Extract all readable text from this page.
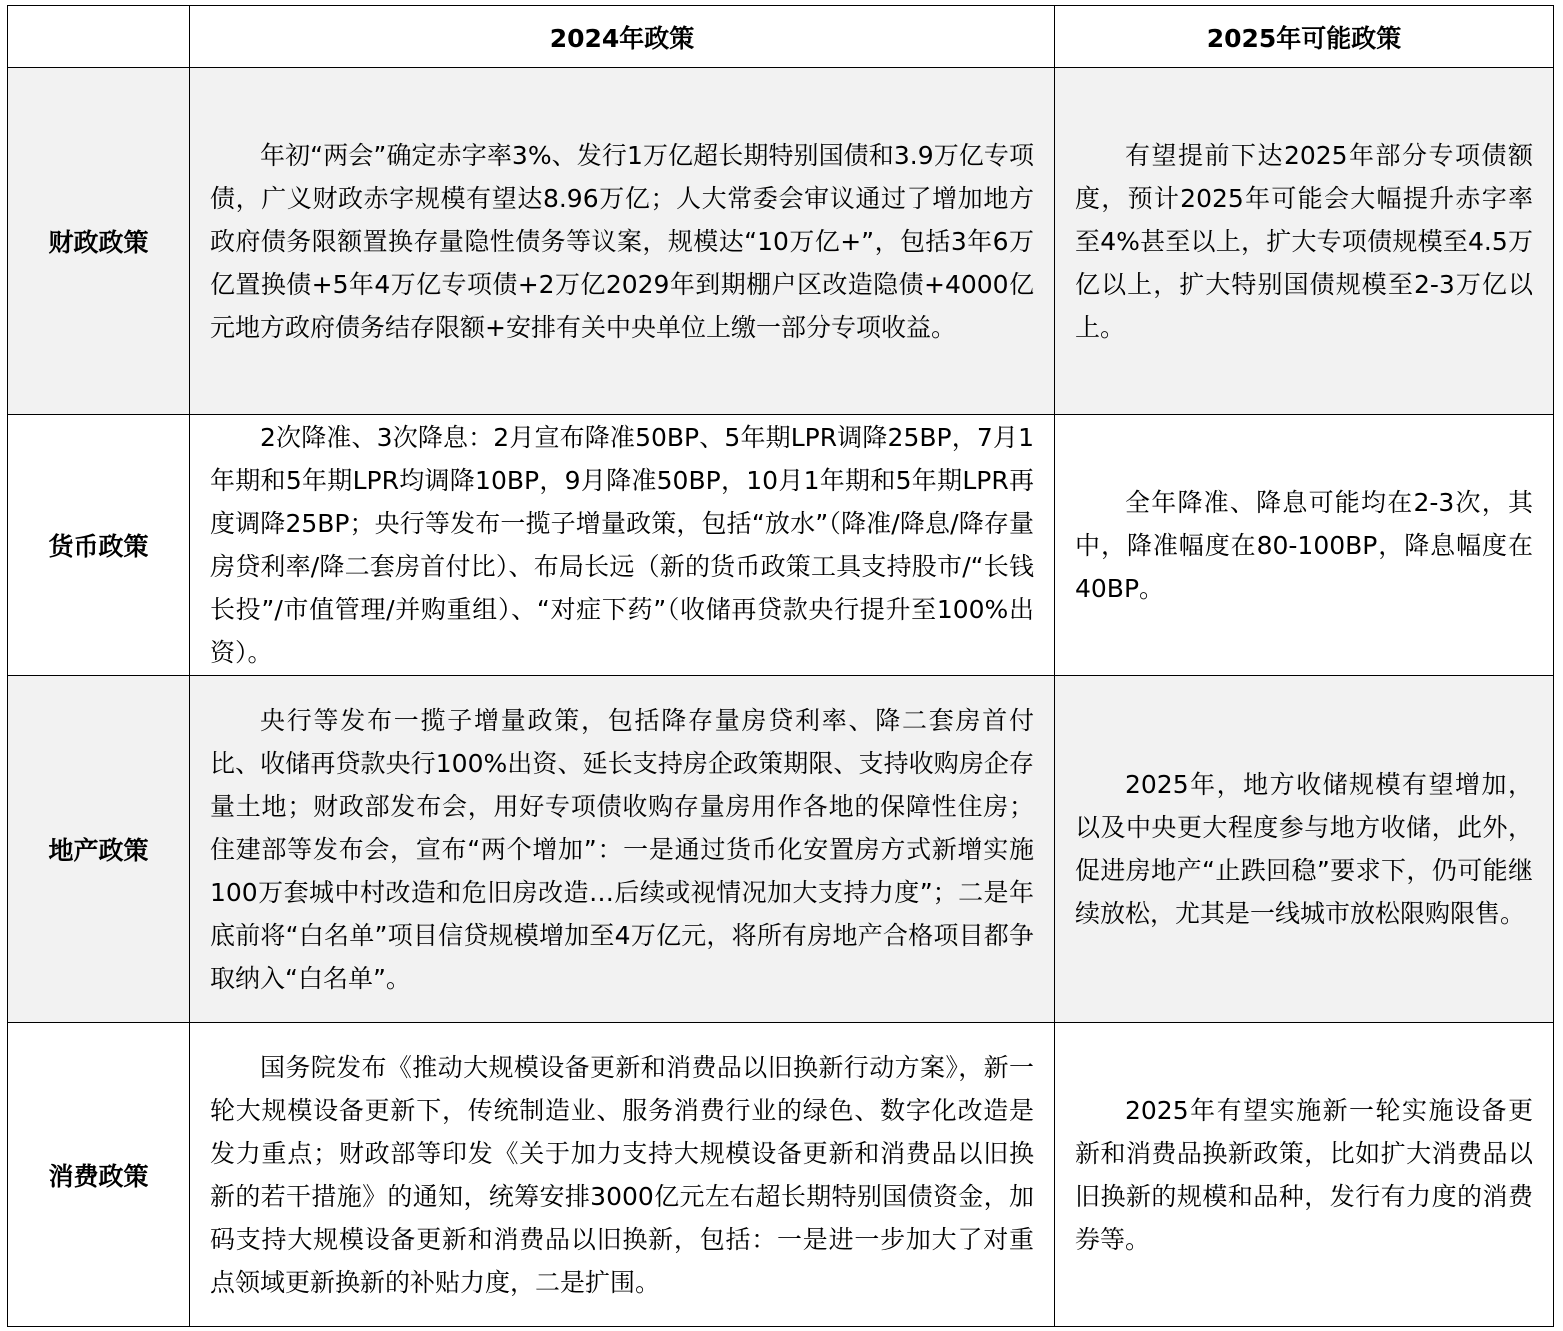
	2024年政策	2025年可能政策
财政政策	年初“两会”确定赤字率3%、发行1万亿超长期特别国债和3.9万亿专项债，广义财政赤字规模有望达8.96万亿；人大常委会审议通过了增加地方政府债务限额置换存量隐性债务等议案，规模达“10万亿+”，包括3年6万亿置换债+5年4万亿专项债+2万亿2029年到期棚户区改造隐债+4000亿元地方政府债务结存限额+安排有关中央单位上缴一部分专项收益。	有望提前下达2025年部分专项债额度，预计2025年可能会大幅提升赤字率至4%甚至以上，扩大专项债规模至4.5万亿以上，扩大特别国债规模至2-3万亿以上。

货币政策	2次降准、3次降息：2月宣布降准50BP、5年期LPR调降25BP，7月1年期和5年期LPR均调降10BP，9月降准50BP，10月1年期和5年期LPR再度调降25BP；央行等发布一揽子增量政策，包括“放水”（降准/降息/降存量房贷利率/降二套房首付比）、布局长远（新的货币政策工具支持股市/“长钱长投”/市值管理/并购重组）、“对症下药”（收储再贷款央行提升至100%出资）。	全年降准、降息可能均在2-3次，其中，降准幅度在80-100BP，降息幅度在40BP。

地产政策	央行等发布一揽子增量政策，包括降存量房贷利率、降二套房首付比、收储再贷款央行100%出资、延长支持房企政策期限、支持收购房企存量土地；财政部发布会，用好专项债收购存量房用作各地的保障性住房；住建部等发布会，宣布“两个增加”：一是通过货币化安置房方式新增实施100万套城中村改造和危旧房改造…后续或视情况加大支持力度”；二是年底前将“白名单”项目信贷规模增加至4万亿元，将所有房地产合格项目都争取纳入“白名单”。	2025年，地方收储规模有望增加，以及中央更大程度参与地方收储，此外，促进房地产“止跌回稳”要求下，仍可能继续放松，尤其是一线城市放松限购限售。

消费政策	国务院发布《推动大规模设备更新和消费品以旧换新行动方案》，新一轮大规模设备更新下，传统制造业、服务消费行业的绿色、数字化改造是发力重点；财政部等印发《关于加力支持大规模设备更新和消费品以旧换新的若干措施》的通知，统筹安排3000亿元左右超长期特别国债资金，加码支持大规模设备更新和消费品以旧换新，包括：一是进一步加大了对重点领域更新换新的补贴力度，二是扩围。	2025年有望实施新一轮实施设备更新和消费品换新政策，比如扩大消费品以旧换新的规模和品种，发行有力度的消费券等。
